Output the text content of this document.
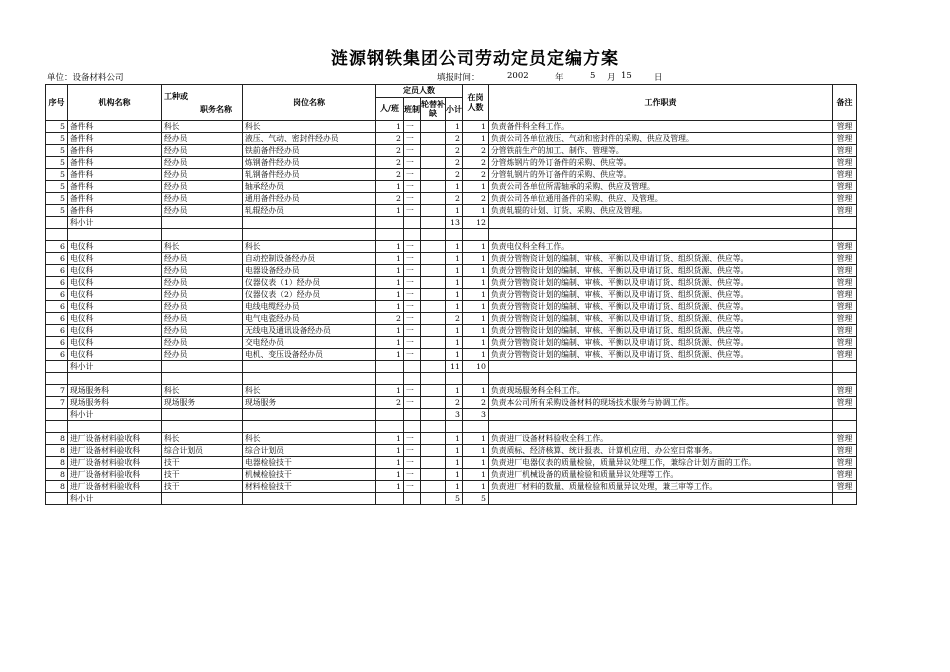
涟源钢铁集团公司劳动定员定编方案
单位：设备材料公司	填报时间：	2002	年	5 月 15	日
序号	机构名称	工种或
职务名称	岗位名称	定员人数				在岗人数	工作职责	备注
				人/班	班制	轮替补缺	小计			
5	备件科	科长	科长	1	一		1	1	负责备件科全科工作。	管理
5	备件科	经办员	液压、气动、密封件经办员	2	一		2	1	负责公司各单位液压、气动和密封件的采购、供应及管理。	管理
5	备件科	经办员	铁前备件经办员	2	一		2	2	分管铁前生产的加工、制作、管理等。	管理
5	备件科	经办员	炼钢备件经办员	2	一		2	2	分管炼钢片的外订备件的采购、供应等。	管理
5	备件科	经办员	轧钢备件经办员	2	一		2	2	分管轧钢片的外订备件的采购、供应等。	管理
5	备件科	经办员	轴承经办员	1	一		1	1	负责公司各单位所需轴承的采购、供应及管理。	管理
5	备件科	经办员	通用备件经办员	2	一		2	2	负责公司各单位通用备件的采购、供应、及管理。	管理
5	备件科	经办员	轧辊经办员	1	一		1	1	负责轧辊的计划、订货、采购、供应及管理。	管理
	科小计						13	12		

6	电仪科	科长	科长	1	一		1	1	负责电仪科全科工作。	管理
6	电仪科	经办员	自动控制设备经办员	1	一		1	1	负责分管物资计划的编制、审核、平衡以及申请订货、组织货源、供应等。	管理
6	电仪科	经办员	电器设备经办员	1	一		1	1	负责分管物资计划的编制、审核、平衡以及申请订货、组织货源、供应等。	管理
6	电仪科	经办员	仪器仪表（1）经办员	1	一		1	1	负责分管物资计划的编制、审核、平衡以及申请订货、组织货源、供应等。	管理
6	电仪科	经办员	仪器仪表（2）经办员	1	一		1	1	负责分管物资计划的编制、审核、平衡以及申请订货、组织货源、供应等。	管理
6	电仪科	经办员	电线电缆经办员	1	一		1	1	负责分管物资计划的编制、审核、平衡以及申请订货、组织货源、供应等。	管理
6	电仪科	经办员	电气电瓷经办员	2	一		2	1	负责分管物资计划的编制、审核、平衡以及申请订货、组织货源、供应等。	管理
6	电仪科	经办员	无线电及通讯设备经办员	1	一		1	1	负责分管物资计划的编制、审核、平衡以及申请订货、组织货源、供应等。	管理
6	电仪科	经办员	交电经办员	1	一		1	1	负责分管物资计划的编制、审核、平衡以及申请订货、组织货源、供应等。	管理
6	电仪科	经办员	电机、变压设备经办员	1	一		1	1	负责分管物资计划的编制、审核、平衡以及申请订货、组织货源、供应等。	管理
	科小计						11	10		

7	现场服务科	科长	科长	1	一		1	1	负责现场服务科全科工作。	管理
7	现场服务科	现场服务	现场服务	2	一		2	2	负责本公司所有采购设备材料的现场技术服务与协调工作。	管理
	科小计						3	3		

8	进厂设备材料验收科	科长	科长	1	一		1	1	负责进厂设备材料验收全科工作。	管理
8	进厂设备材料验收科	综合计划员	综合计划员	1	一		1	1	负责质标、经济核算、统计报表、计算机应用、办公室日常事务。	管理
8	进厂设备材料验收科	技干	电器检验技干	1	一		1	1	负责进厂电器仪表的质量检验，质量异议处理工作，兼综合计划方面的工作。	管理
8	进厂设备材料验收科	技干	机械检验技干	1	一		1	1	负责进厂机械设备的质量检验和质量异议处理等工作。	管理
8	进厂设备材料验收科	技干	材料检验技干	1	一		1	1	负责进厂材料的数量、质量检验和质量异议处理，兼三审等工作。	管理
	科小计						5	5		
